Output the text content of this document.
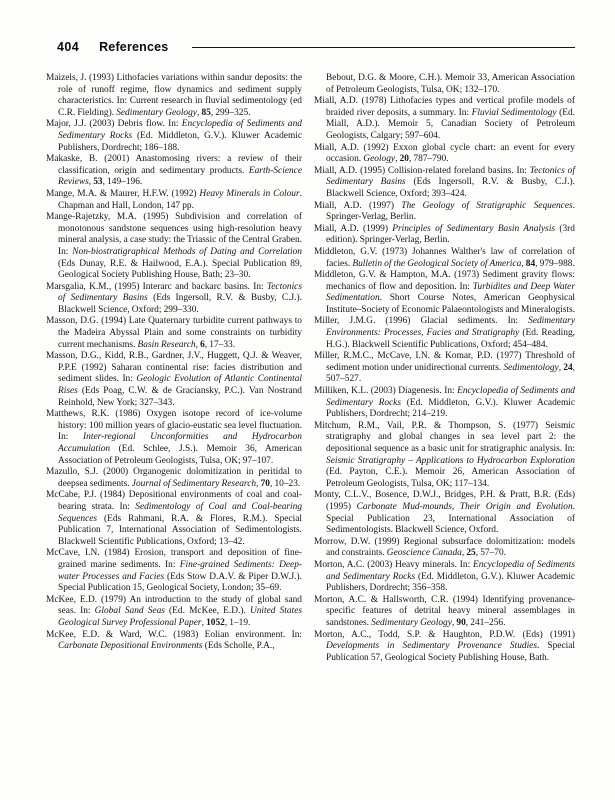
404 References

Maizels, J. (1993) Lithofacies variations within sandur deposits: the role of runoff regime, flow dynamics and sediment supply characteristics. In: Current research in fluvial sedimentology (ed C.R. Fielding). Sedimentary Geology, 85, 299–325.

Major, J.J. (2003) Debris flow. In: Encyclopedia of Sediments and Sedimentary Rocks (Ed. Middleton, G.V.). Kluwer Academic Publishers, Dordrecht; 186–188.

Makaske, B. (2001) Anastomosing rivers: a review of their classification, origin and sedimentary products. Earth-Science Reviews, 53, 149–196.

Mange, M.A. & Maurer, H.F.W. (1992) Heavy Minerals in Colour. Chapman and Hall, London, 147 pp.

Mange-Rajetzky, M.A. (1995) Subdivision and correlation of monotonous sandstone sequences using high-resolution heavy mineral analysis, a case study: the Triassic of the Central Graben. In: Non-biostratigraphical Methods of Dating and Correlation (Eds Dunay, R.E. & Hailwood, E.A.). Special Publication 89, Geological Society Publishing House, Bath; 23–30.

Marsgalia, K.M., (1995) Interarc and backarc basins. In: Tectonics of Sedimentary Basins (Eds Ingersoll, R.V. & Busby, C.J.). Blackwell Science, Oxford; 299–330.

Masson, D.G. (1994) Late Quaternary turbidite current pathways to the Madeira Abyssal Plain and some constraints on turbidity current mechanisms. Basin Research, 6, 17–33.

Masson, D.G., Kidd, R.B., Gardner, J.V., Huggett, Q.J. & Weaver, P.P.E (1992) Saharan continental rise: facies distribution and sediment slides. In: Geologic Evolution of Atlantic Continental Rises (Eds Poag, C.W. & de Graciansky, P.C.). Van Nostrand Reinhold, New York; 327–343.

Matthews, R.K. (1986) Oxygen isotope record of ice-volume history: 100 million years of glacio-eustatic sea level fluctuation. In: Inter-regional Unconformities and Hydrocarbon Accumulation (Ed. Schlee, J.S.). Memoir 36, American Association of Petroleum Geologists, Tulsa, OK; 97–107.

Mazullo, S.J. (2000) Organogenic dolomitization in peritidal to deepsea sediments. Journal of Sedimentary Research, 70, 10–23.

McCabe, P.J. (1984) Depositional environments of coal and coal-bearing strata. In: Sedimentology of Coal and Coal-bearing Sequences (Eds Rahmani, R.A. & Flores, R.M.). Special Publication 7, International Association of Sedimentologists. Blackwell Scientific Publications, Oxford; 13–42.

McCave, I.N. (1984) Erosion, transport and deposition of fine-grained marine sediments. In: Fine-grained Sediments: Deep-water Processes and Facies (Eds Stow D.A.V. & Piper D.W.J.). Special Publication 15, Geological Society, London; 35–69.

McKee, E.D. (1979) An introduction to the study of global sand seas. In: Global Sand Seas (Ed. McKee, E.D.). United States Geological Survey Professional Paper, 1052, 1–19.

McKee, E.D. & Ward, W.C. (1983) Eolian environment. In: Carbonate Depositional Environments (Eds Scholle, P.A.,

Bebout, D.G. & Moore, C.H.). Memoir 33, American Association of Petroleum Geologists, Tulsa, OK; 132–170.

Miall, A.D. (1978) Lithofacies types and vertical profile models of braided river deposits, a summary. In: Fluvial Sedimentology (Ed. Miall, A.D.). Memoir 5, Canadian Society of Petroleum Geologists, Calgary; 597–604.

Miall, A.D. (1992) Exxon global cycle chart: an event for every occasion. Geology, 20, 787–790.

Miall, A.D. (1995) Collision-related foreland basins. In: Tectonics of Sedimentary Basins (Eds Ingersoll, R.V. & Busby, C.J.). Blackwell Science, Oxford; 393–424.

Miall, A.D. (1997) The Geology of Stratigraphic Sequences. Springer-Verlag, Berlin.

Miall, A.D. (1999) Principles of Sedimentary Basin Analysis (3rd edition). Springer-Verlag, Berlin.

Middleton, G.V. (1973) Johannes Walther's law of correlation of facies. Bulletin of the Geological Society of America, 84, 979–988.

Middleton, G.V. & Hampton, M.A. (1973) Sediment gravity flows: mechanics of flow and deposition. In: Turbidites and Deep Water Sedimentation. Short Course Notes, American Geophysical Institute–Society of Economic Palaeontologists and Mineralogists.

Miller, J.M.G. (1996) Glacial sediments. In: Sedimentary Environments: Processes, Facies and Stratigraphy (Ed. Reading, H.G.). Blackwell Scientific Publications, Oxford; 454–484.

Miller, R.M.C., McCave, I.N. & Komar, P.D. (1977) Threshold of sediment motion under unidirectional currents. Sedimentology, 24, 507–527.

Milliken, K.L. (2003) Diagenesis. In: Encyclopedia of Sediments and Sedimentary Rocks (Ed. Middleton, G.V.). Kluwer Academic Publishers, Dordrecht; 214–219.

Mitchum, R.M., Vail, P.R. & Thompson, S. (1977) Seismic stratigraphy and global changes in sea level part 2: the depositional sequence as a basic unit for stratigraphic analysis. In: Seismic Stratigraphy – Applications to Hydrocarbon Exploration (Ed. Payton, C.E.). Memoir 26, American Association of Petroleum Geologists, Tulsa, OK; 117–134.

Monty, C.L.V., Bosence, D.W.J., Bridges, P.H. & Pratt, B.R. (Eds) (1995) Carbonate Mud-mounds, Their Origin and Evolution. Special Publication 23, International Association of Sedimentologists. Blackwell Science, Oxford.

Morrow, D.W. (1999) Regional subsurface dolomitization: models and constraints. Geoscience Canada, 25, 57–70.

Morton, A.C. (2003) Heavy minerals. In: Encyclopedia of Sediments and Sedimentary Rocks (Ed. Middleton, G.V.). Kluwer Academic Publishers, Dordrecht; 356–358.

Morton, A.C. & Hallsworth, C.R. (1994) Identifying provenance-specific features of detrital heavy mineral assemblages in sandstones. Sedimentary Geology, 90, 241–256.

Morton, A.C., Todd, S.P. & Haughton, P.D.W. (Eds) (1991) Developments in Sedimentary Provenance Studies. Special Publication 57, Geological Society Publishing House, Bath.
